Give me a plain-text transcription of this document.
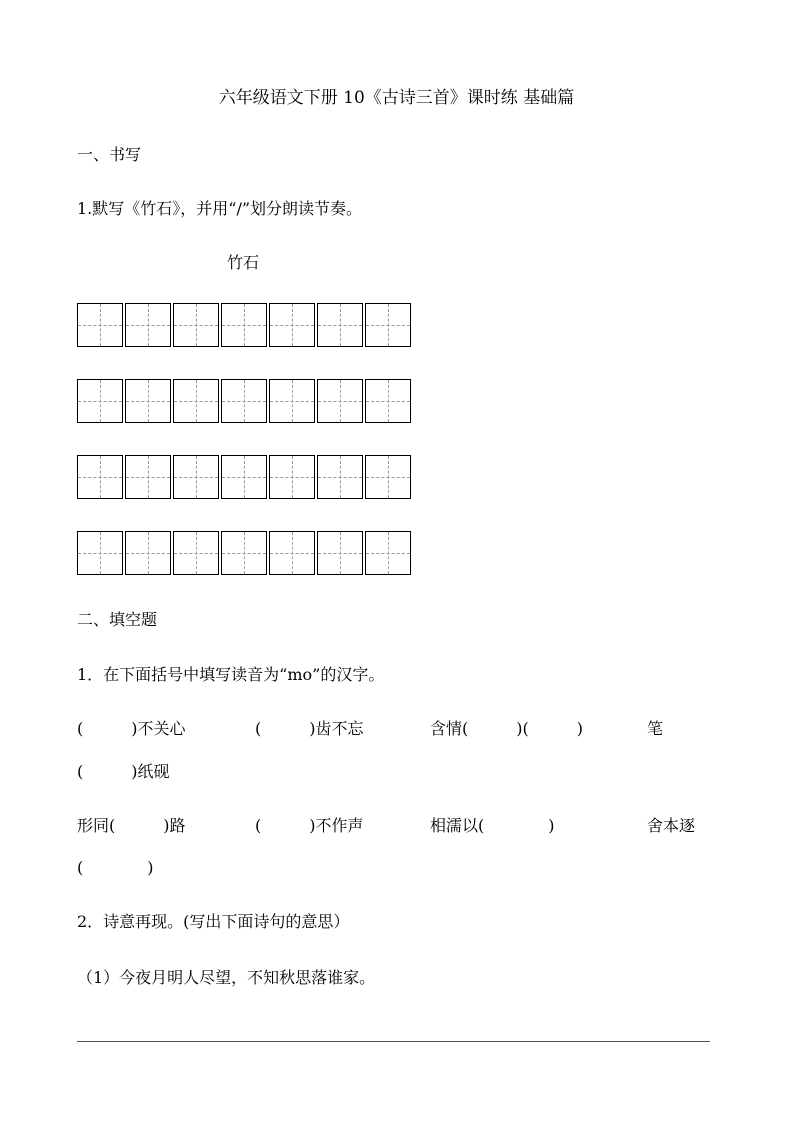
六年级语文下册 10《古诗三首》课时练 基础篇
一、书写
1.默写《竹石》，并用“/”划分朗读节奏。
竹石
二、填空题
1．在下面括号中填写读音为“mo”的汉字。
(　　　)不关心	(　　　)齿不忘	含情(　　　)(　　　)	笔
(　　　)纸砚
形同(　　　)路	(　　　)不作声	相濡以(　　　　)	舍本逐
(　　　　)
2．诗意再现。(写出下面诗句的意思）
（1）今夜月明人尽望，不知秋思落谁家。
